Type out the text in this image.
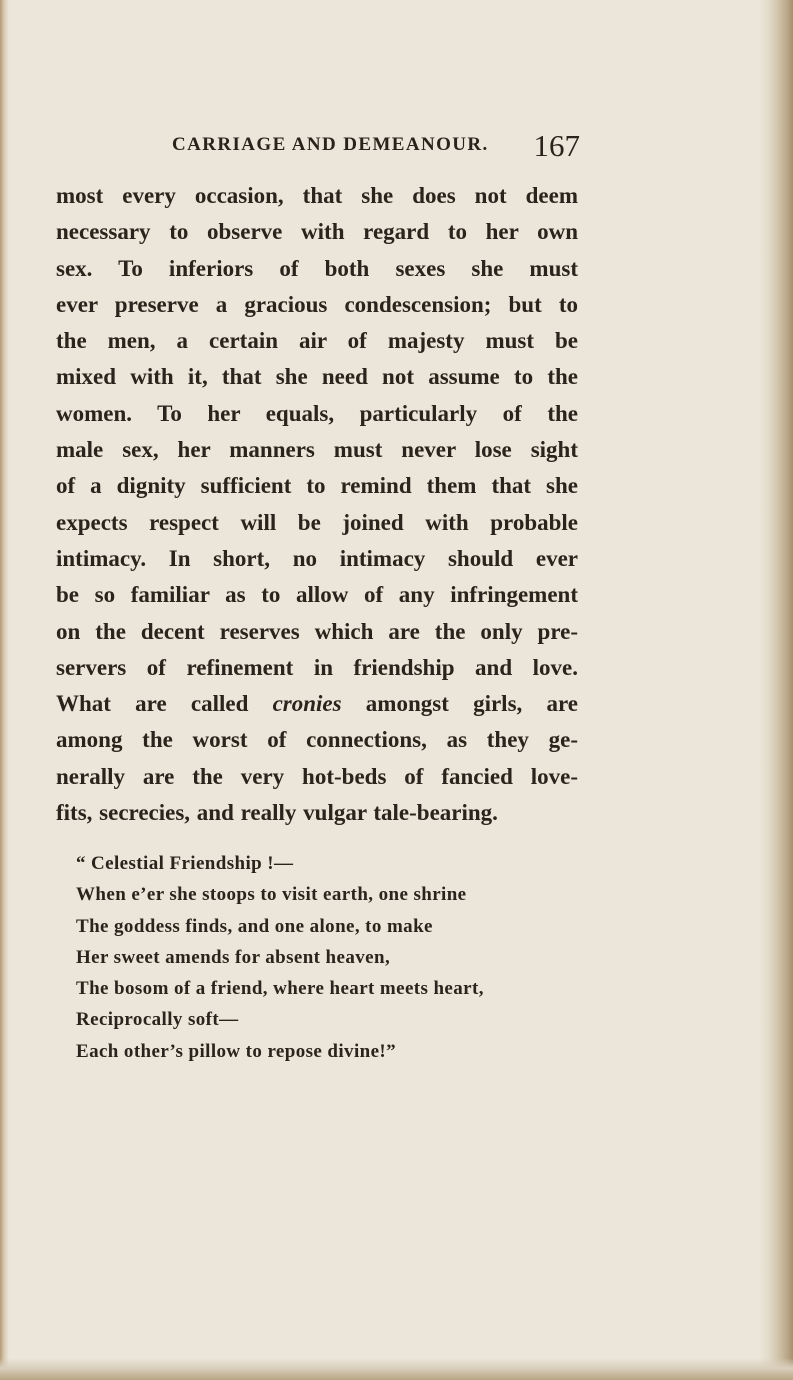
CARRIAGE AND DEMEANOUR. 167
most every occasion, that she does not deem
necessary to observe with regard to her own
sex. To inferiors of both sexes she must
ever preserve a gracious condescension; but to
the men, a certain air of majesty must be
mixed with it, that she need not assume to the
women. To her equals, particularly of the
male sex, her manners must never lose sight
of a dignity sufficient to remind them that she
expects respect will be joined with probable
intimacy. In short, no intimacy should ever
be so familiar as to allow of any infringement
on the decent reserves which are the only pre-
servers of refinement in friendship and love.
What are called cronies amongst girls, are
among the worst of connections, as they ge-
nerally are the very hot-beds of fancied love-
fits, secrecies, and really vulgar tale-bearing.
“ Celestial Friendship !—
When e’er she stoops to visit earth, one shrine
The goddess finds, and one alone, to make
Her sweet amends for absent heaven,
The bosom of a friend, where heart meets heart,
Reciprocally soft—
Each other’s pillow to repose divine!”
